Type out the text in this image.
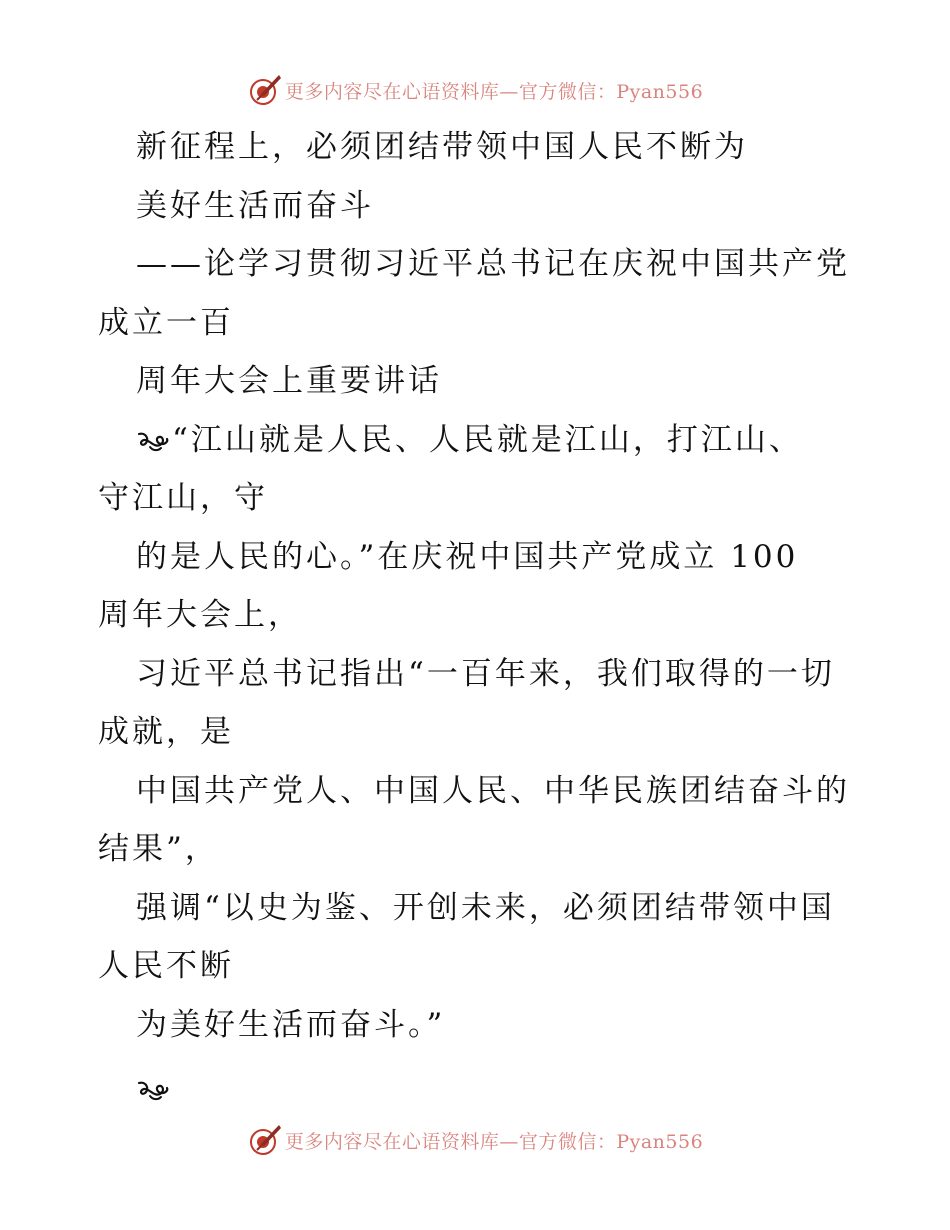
更多内容尽在心语资料库—官方微信：Pyan556
新征程上，必须团结带领中国人民不断为
美好生活而奋斗
——论学习贯彻习近平总书记在庆祝中国共产党
成立一百
周年大会上重要讲话
“江山就是人民、人民就是江山，打江山、
守江山，守
的是人民的心。”在庆祝中国共产党成立 100
周年大会上，
习近平总书记指出“一百年来，我们取得的一切
成就，是
中国共产党人、中国人民、中华民族团结奋斗的
结果”，
强调“以史为鉴、开创未来，必须团结带领中国
人民不断
为美好生活而奋斗。”
更多内容尽在心语资料库—官方微信：Pyan556
